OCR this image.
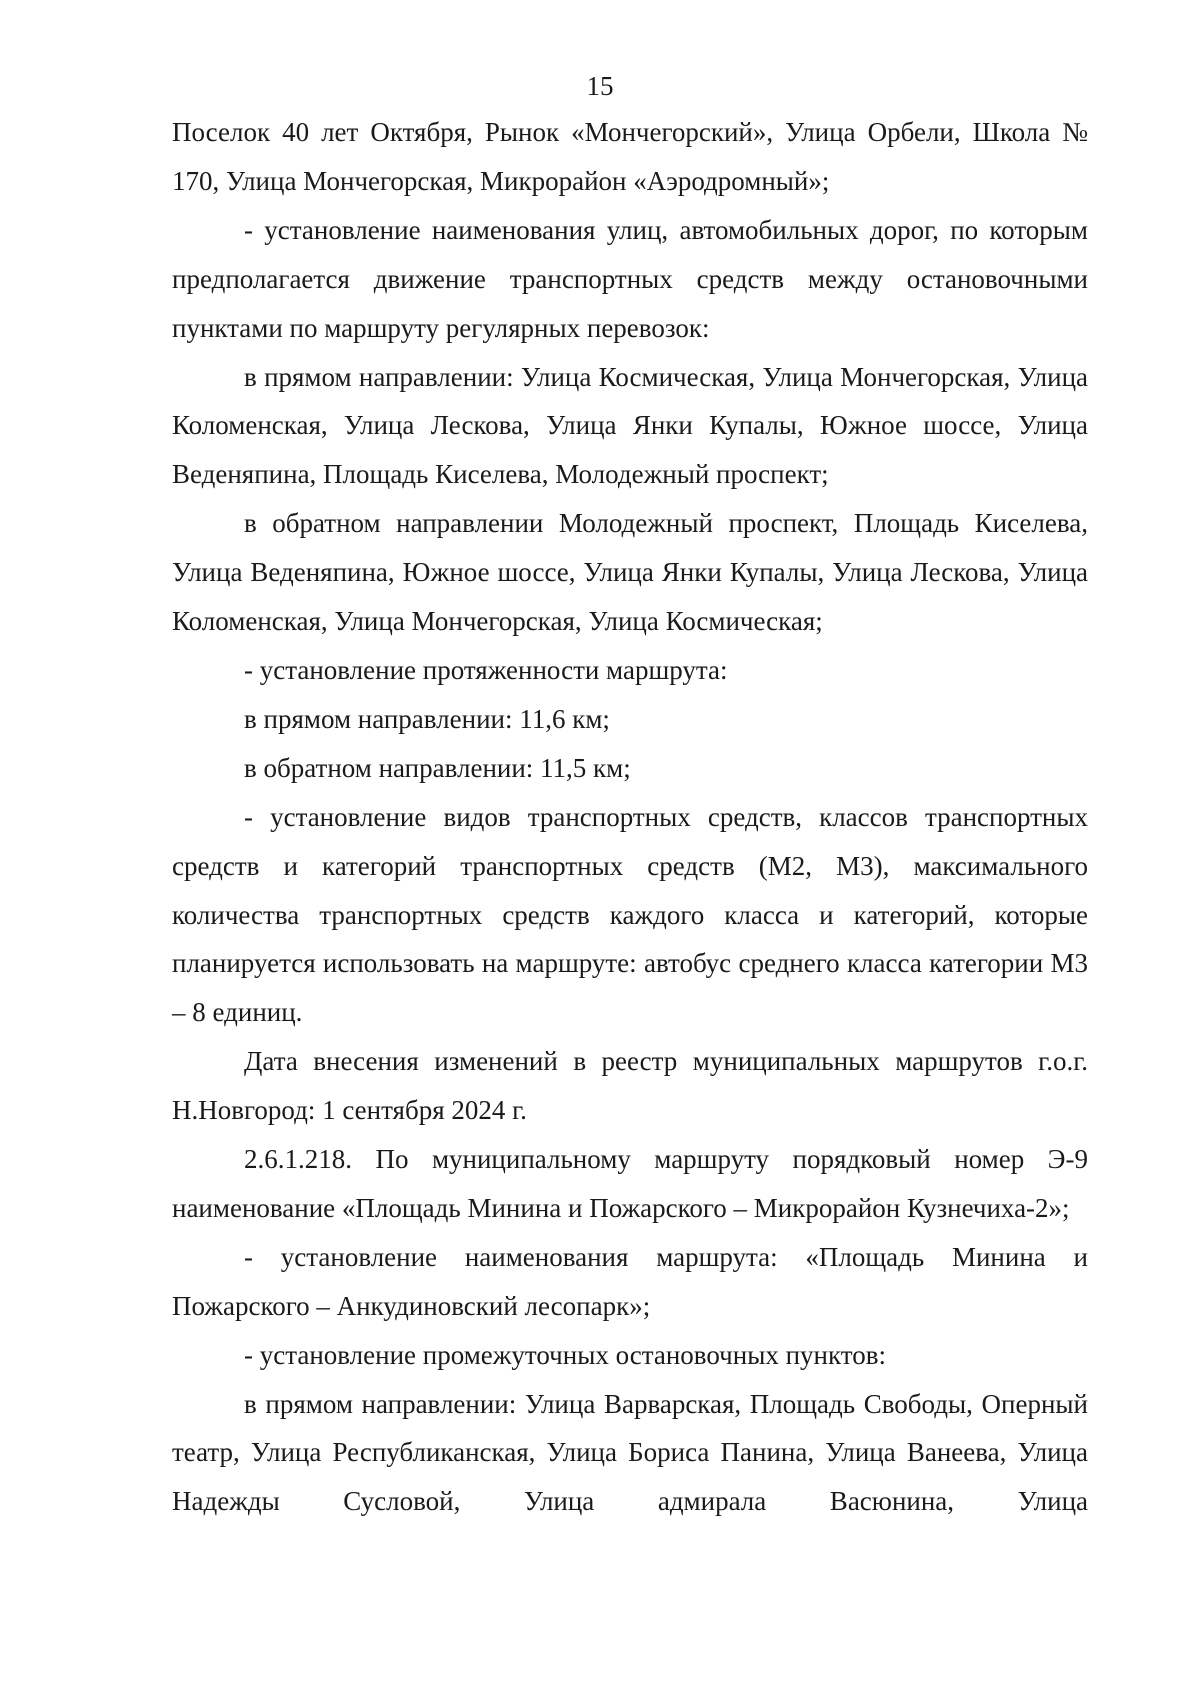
15

Поселок 40 лет Октября, Рынок «Мончегорский», Улица Орбели, Школа № 170, Улица Мончегорская, Микрорайон «Аэродромный»;

- установление наименования улиц, автомобильных дорог, по которым предполагается движение транспортных средств между остановочными пунктами по маршруту регулярных перевозок:

в прямом направлении: Улица Космическая, Улица Мончегорская, Улица Коломенская, Улица Лескова, Улица Янки Купалы, Южное шоссе, Улица Веденяпина, Площадь Киселева, Молодежный проспект;

в обратном направлении Молодежный проспект, Площадь Киселева, Улица Веденяпина, Южное шоссе, Улица Янки Купалы, Улица Лескова, Улица Коломенская, Улица Мончегорская, Улица Космическая;

- установление протяженности маршрута:

в прямом направлении: 11,6 км;

в обратном направлении: 11,5 км;

- установление видов транспортных средств, классов транспортных средств и категорий транспортных средств (М2, М3), максимального количества транспортных средств каждого класса и категорий, которые планируется использовать на маршруте: автобус среднего класса категории М3 – 8 единиц.

Дата внесения изменений в реестр муниципальных маршрутов г.о.г. Н.Новгород: 1 сентября 2024 г.

2.6.1.218. По муниципальному маршруту порядковый номер Э-9 наименование «Площадь Минина и Пожарского – Микрорайон Кузнечиха-2»;

- установление наименования маршрута: «Площадь Минина и Пожарского – Анкудиновский лесопарк»;

- установление промежуточных остановочных пунктов:

в прямом направлении: Улица Варварская, Площадь Свободы, Оперный театр, Улица Республиканская, Улица Бориса Панина, Улица Ванеева, Улица Надежды Сусловой, Улица адмирала Васюнина, Улица
